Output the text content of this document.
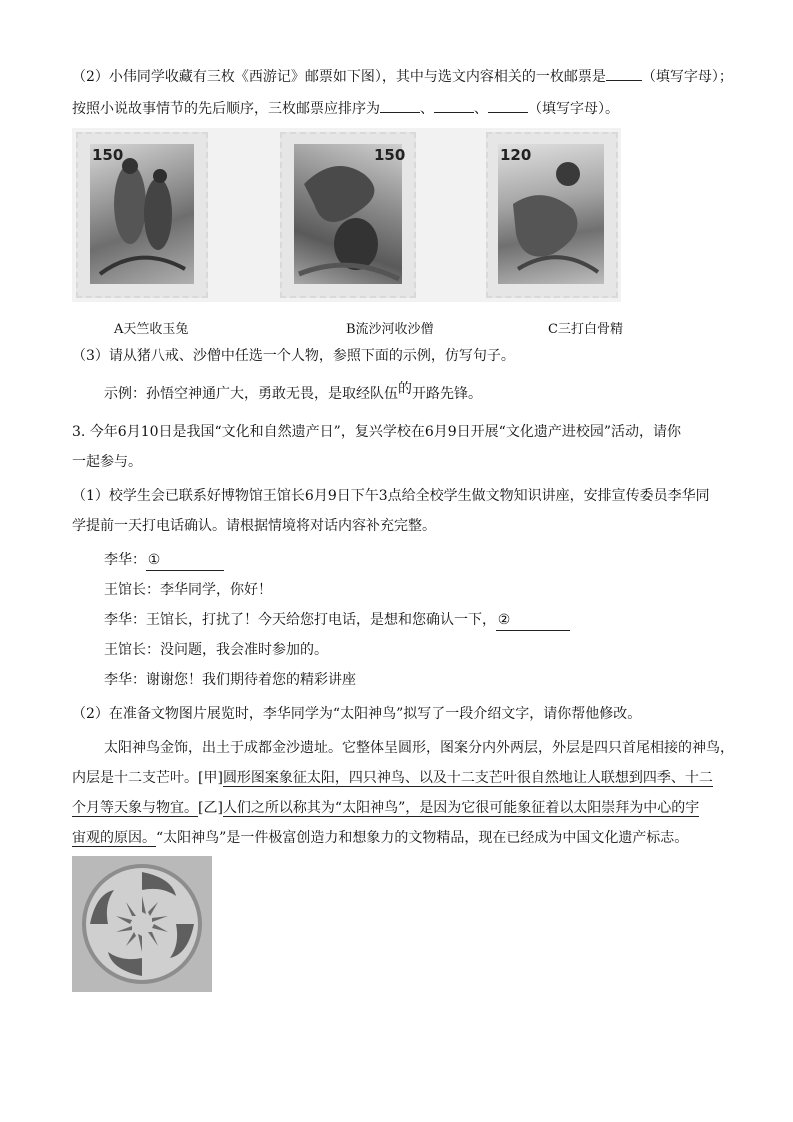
（2）小伟同学收藏有三枚《西游记》邮票如下图），其中与选文内容相关的一枚邮票是	（填写字母）；
按照小说故事情节的先后顺序，三枚邮票应排序为	、	、	（填写字母）。
150	150	120
A天竺收玉兔	B流沙河收沙僧	C三打白骨精
（3）请从猪八戒、沙僧中任选一个人物，参照下面的示例，仿写句子。
示例：孙悟空神通广大，勇敢无畏，是取经队伍的开路先锋。
3. 今年6月10日是我国“文化和自然遗产日”，复兴学校在6月9日开展“文化遗产进校园”活动，请你
一起参与。
（1）校学生会已联系好博物馆王馆长6月9日下午3点给全校学生做文物知识讲座，安排宣传委员李华同
学提前一天打电话确认。请根据情境将对话内容补充完整。
李华： ①
王馆长：李华同学，你好！
李华：王馆长，打扰了！今天给您打电话，是想和您确认一下， ②
王馆长：没问题，我会准时参加的。
李华：谢谢您！我们期待着您的精彩讲座
（2）在准备文物图片展览时，李华同学为“太阳神鸟”拟写了一段介绍文字，请你帮他修改。
太阳神鸟金饰，出土于成都金沙遗址。它整体呈圆形，图案分内外两层，外层是四只首尾相接的神鸟，
内层是十二支芒叶。[甲]圆形图案象征太阳，四只神鸟、以及十二支芒叶很自然地让人联想到四季、十二
个月等天象与物宜。[乙]人们之所以称其为“太阳神鸟”，是因为它很可能象征着以太阳崇拜为中心的宇
宙观的原因。“太阳神鸟”是一件极富创造力和想象力的文物精品，现在已经成为中国文化遗产标志。
